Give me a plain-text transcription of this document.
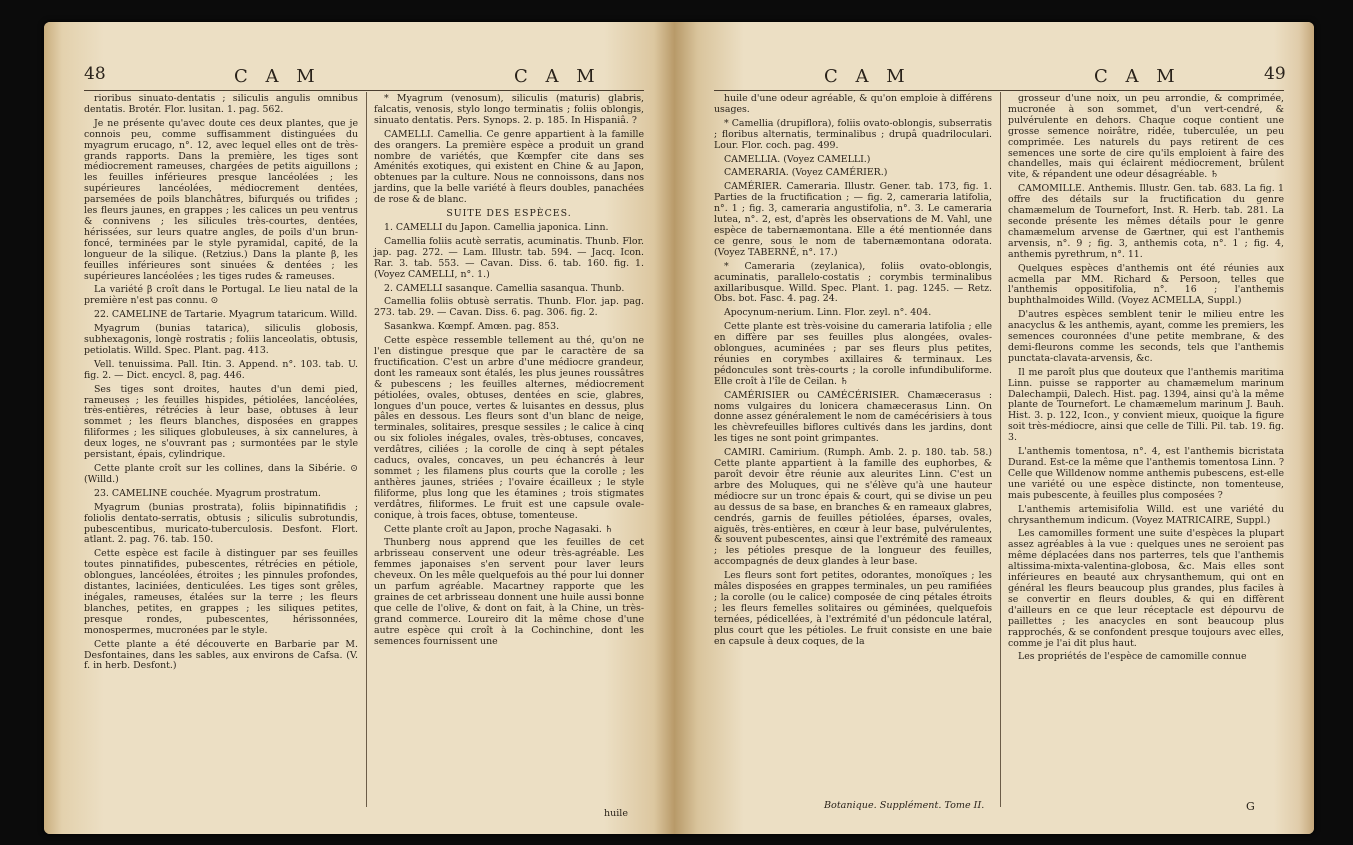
48	C A M	C A M

rioribus sinuato-dentatis ; siliculis angulis omnibus dentatis. Brotér. Flor. lusitan. 1. pag. 562.

Je ne présente qu'avec doute ces deux plantes, que je connois peu, comme suffisamment distinguées du myagrum erucago, n°. 12, avec lequel elles ont de très-grands rapports. Dans la première, les tiges sont médiocrement rameuses, chargées de petits aiguillons ; les feuilles inférieures presque lancéolées ; les supérieures lancéolées, médiocrement dentées, parsemées de poils blanchâtres, bifurqués ou trifides ; les fleurs jaunes, en grappes ; les calices un peu ventrus & connivens ; les silicules très-courtes, dentées, hérissées, sur leurs quatre angles, de poils d'un brun-foncé, terminées par le style pyramidal, capité, de la longueur de la silique. (Retzius.) Dans la plante β, les feuilles inférieures sont sinuées & dentées ; les supérieures lancéolées ; les tiges rudes & rameuses.

La variété β croît dans le Portugal. Le lieu natal de la première n'est pas connu. ⊙

22. CAMELINE de Tartarie. Myagrum tataricum. Willd.

Myagrum (bunias tatarica), siliculis globosis, subhexagonis, longè rostratis ; foliis lanceolatis, obtusis, petiolatis. Willd. Spec. Plant. pag. 413.

Vell. tenuissima. Pall. Itin. 3. Append. n°. 103. tab. U. fig. 2. — Dict. encycl. 8, pag. 446.

Ses tiges sont droites, hautes d'un demi pied, rameuses ; les feuilles hispides, pétiolées, lancéolées, très-entières, rétrécies à leur base, obtuses à leur sommet ; les fleurs blanches, disposées en grappes filiformes ; les siliques globuleuses, à six cannelures, à deux loges, ne s'ouvrant pas ; surmontées par le style persistant, épais, cylindrique.

Cette plante croît sur les collines, dans la Sibérie. ⊙ (Willd.)

23. CAMELINE couchée. Myagrum prostratum.

Myagrum (bunias prostrata), foliis bipinnatifidis ; foliolis dentato-serratis, obtusis ; siliculis subrotundis, pubescentibus, muricato-tuberculosis. Desfont. Flort. atlant. 2. pag. 76. tab. 150.

Cette espèce est facile à distinguer par ses feuilles toutes pinnatifides, pubescentes, rétrécies en pétiole, oblongues, lancéolées, étroites ; les pinnules profondes, distantes, laciniées, denticulées. Les tiges sont grêles, inégales, rameuses, étalées sur la terre ; les fleurs blanches, petites, en grappes ; les siliques petites, presque rondes, pubescentes, hérissonnées, monospermes, mucronées par le style.

Cette plante a été découverte en Barbarie par M. Desfontaines, dans les sables, aux environs de Cafsa. (V. f. in herb. Desfont.)

* Myagrum (venosum), siliculis (maturis) glabris, falcatis, venosis, stylo longo terminatis ; foliis oblongis, sinuato dentatis. Pers. Synops. 2. p. 185. In Hispaniâ. ?

CAMELLI. Camellia. Ce genre appartient à la famille des orangers. La première espèce a produit un grand nombre de variétés, que Kœmpfer cite dans ses Aménités exotiques, qui existent en Chine & au Japon, obtenues par la culture. Nous ne connoissons, dans nos jardins, que la belle variété à fleurs doubles, panachées de rose & de blanc.

SUITE DES ESPÈCES.

1. CAMELLI du Japon. Camellia japonica. Linn.

Camellia foliis acutè serratis, acuminatis. Thunb. Flor. jap. pag. 272. — Lam. Illustr. tab. 594. — Jacq. Icon. Rar. 3. tab. 553. — Cavan. Diss. 6. tab. 160. fig. 1. (Voyez CAMELLI, n°. 1.)

2. CAMELLI sasanque. Camellia sasanqua. Thunb.

Camellia foliis obtusè serratis. Thunb. Flor. jap. pag. 273. tab. 29. — Cavan. Diss. 6. pag. 306. fig. 2.

Sasankwa. Kœmpf. Amœn. pag. 853.

Cette espèce ressemble tellement au thé, qu'on ne l'en distingue presque que par le caractère de sa fructification. C'est un arbre d'une médiocre grandeur, dont les rameaux sont étalés, les plus jeunes roussâtres & pubescens ; les feuilles alternes, médiocrement pétiolées, ovales, obtuses, dentées en scie, glabres, longues d'un pouce, vertes & luisantes en dessus, plus pâles en dessous. Les fleurs sont d'un blanc de neige, terminales, solitaires, presque sessiles ; le calice à cinq ou six folioles inégales, ovales, très-obtuses, concaves, verdâtres, ciliées ; la corolle de cinq à sept pétales caducs, ovales, concaves, un peu échancrés à leur sommet ; les filamens plus courts que la corolle ; les anthères jaunes, striées ; l'ovaire écailleux ; le style filiforme, plus long que les étamines ; trois stigmates verdâtres, filiformes. Le fruit est une capsule ovale-conique, à trois faces, obtuse, tomenteuse.

Cette plante croît au Japon, proche Nagasaki. ♄

Thunberg nous apprend que les feuilles de cet arbrisseau conservent une odeur très-agréable. Les femmes japonaises s'en servent pour laver leurs cheveux. On les mêle quelquefois au thé pour lui donner un parfum agréable. Macartney rapporte que les graines de cet arbrisseau donnent une huile aussi bonne que celle de l'olive, & dont on fait, à la Chine, un très-grand commerce. Loureiro dit la même chose d'une autre espèce qui croît à la Cochinchine, dont les semences fournissent une

huile
C A M	C A M	49

huile d'une odeur agréable, & qu'on emploie à différens usages.

* Camellia (drupiflora), foliis ovato-oblongis, subserratis ; floribus alternatis, terminalibus ; drupâ quadriloculari. Lour. Flor. coch. pag. 499.

CAMELLIA. (Voyez CAMELLI.)

CAMERARIA. (Voyez CAMÉRIER.)

CAMÉRIER. Cameraria. Illustr. Gener. tab. 173, fig. 1. Parties de la fructification ; — fig. 2, cameraria latifolia, n°. 1 ; fig. 3, cameraria angustifolia, n°. 3. Le cameraria lutea, n°. 2, est, d'après les observations de M. Vahl, une espèce de tabernæmontana. Elle a été mentionnée dans ce genre, sous le nom de tabernæmontana odorata. (Voyez TABERNÉ, n°. 17.)

* Cameraria (zeylanica), foliis ovato-oblongis, acuminatis, parallelo-costatis ; corymbis terminalibus axillaribusque. Willd. Spec. Plant. 1. pag. 1245. — Retz. Obs. bot. Fasc. 4. pag. 24.

Apocynum-nerium. Linn. Flor. zeyl. n°. 404.

Cette plante est très-voisine du cameraria latifolia ; elle en diffère par ses feuilles plus alongées, ovales-oblongues, acuminées ; par ses fleurs plus petites, réunies en corymbes axillaires & terminaux. Les pédoncules sont très-courts ; la corolle infundibuliforme. Elle croît à l'île de Ceilan. ♄

CAMÉRISIER ou CAMÉCÉRISIER. Chamæcerasus : noms vulgaires du lonicera chamæcerasus Linn. On donne assez généralement le nom de camécérisiers à tous les chèvrefeuilles biflores cultivés dans les jardins, dont les tiges ne sont point grimpantes.

CAMIRI. Camirium. (Rumph. Amb. 2. p. 180. tab. 58.) Cette plante appartient à la famille des euphorbes, & paroît devoir être réunie aux aleurites Linn. C'est un arbre des Moluques, qui ne s'élève qu'à une hauteur médiocre sur un tronc épais & court, qui se divise un peu au dessus de sa base, en branches & en rameaux glabres, cendrés, garnis de feuilles pétiolées, éparses, ovales, aiguës, très-entières, en cœur à leur base, pulvérulentes, & souvent pubescentes, ainsi que l'extrémité des rameaux ; les pétioles presque de la longueur des feuilles, accompagnés de deux glandes à leur base.

Les fleurs sont fort petites, odorantes, monoïques ; les mâles disposées en grappes terminales, un peu ramifiées ; la corolle (ou le calice) composée de cinq pétales étroits ; les fleurs femelles solitaires ou géminées, quelquefois ternées, pédicellées, à l'extrémité d'un pédoncule latéral, plus court que les pétioles. Le fruit consiste en une baie en capsule à deux coques, de la

grosseur d'une noix, un peu arrondie, & comprimée, mucronée à son sommet, d'un vert-cendré, & pulvérulente en dehors. Chaque coque contient une grosse semence noirâtre, ridée, tuberculée, un peu comprimée. Les naturels du pays retirent de ces semences une sorte de cire qu'ils emploient à faire des chandelles, mais qui éclairent médiocrement, brûlent vite, & répandent une odeur désagréable. ♄

CAMOMILLE. Anthemis. Illustr. Gen. tab. 683. La fig. 1 offre des détails sur la fructification du genre chamæmelum de Tournefort, Inst. R. Herb. tab. 281. La seconde présente les mêmes détails pour le genre chamæmelum arvense de Gærtner, qui est l'anthemis arvensis, n°. 9 ; fig. 3, anthemis cota, n°. 1 ; fig. 4, anthemis pyrethrum, n°. 11.

Quelques espèces d'anthemis ont été réunies aux acmella par MM. Richard & Persoon, telles que l'anthemis oppositifolia, n°. 16 ; l'anthemis buphthalmoides Willd. (Voyez ACMELLA, Suppl.)

D'autres espèces semblent tenir le milieu entre les anacyclus & les anthemis, ayant, comme les premiers, les semences couronnées d'une petite membrane, & des demi-fleurons comme les seconds, tels que l'anthemis punctata-clavata-arvensis, &c.

Il me paroît plus que douteux que l'anthemis maritima Linn. puisse se rapporter au chamæmelum marinum Dalechampii, Dalech. Hist. pag. 1394, ainsi qu'à la même plante de Tournefort. Le chamæmelum marinum J. Bauh. Hist. 3. p. 122, Icon., y convient mieux, quoique la figure soit très-médiocre, ainsi que celle de Tilli. Pil. tab. 19. fig. 3.

L'anthemis tomentosa, n°. 4, est l'anthemis bicristata Durand. Est-ce la même que l'anthemis tomentosa Linn. ? Celle que Willdenow nomme anthemis pubescens, est-elle une variété ou une espèce distincte, non tomenteuse, mais pubescente, à feuilles plus composées ?

L'anthemis artemisifolia Willd. est une variété du chrysanthemum indicum. (Voyez MATRICAIRE, Suppl.)

Les camomilles forment une suite d'espèces la plupart assez agréables à la vue : quelques unes ne seroient pas même déplacées dans nos parterres, tels que l'anthemis altissima-mixta-valentina-globosa, &c. Mais elles sont inférieures en beauté aux chrysanthemum, qui ont en général les fleurs beaucoup plus grandes, plus faciles à se convertir en fleurs doubles, & qui en diffèrent d'ailleurs en ce que leur réceptacle est dépourvu de paillettes ; les anacycles en sont beaucoup plus rapprochés, & se confondent presque toujours avec elles, comme je l'ai dit plus haut.

Les propriétés de l'espèce de camomille connue

Botanique. Supplément. Tome II.	G
